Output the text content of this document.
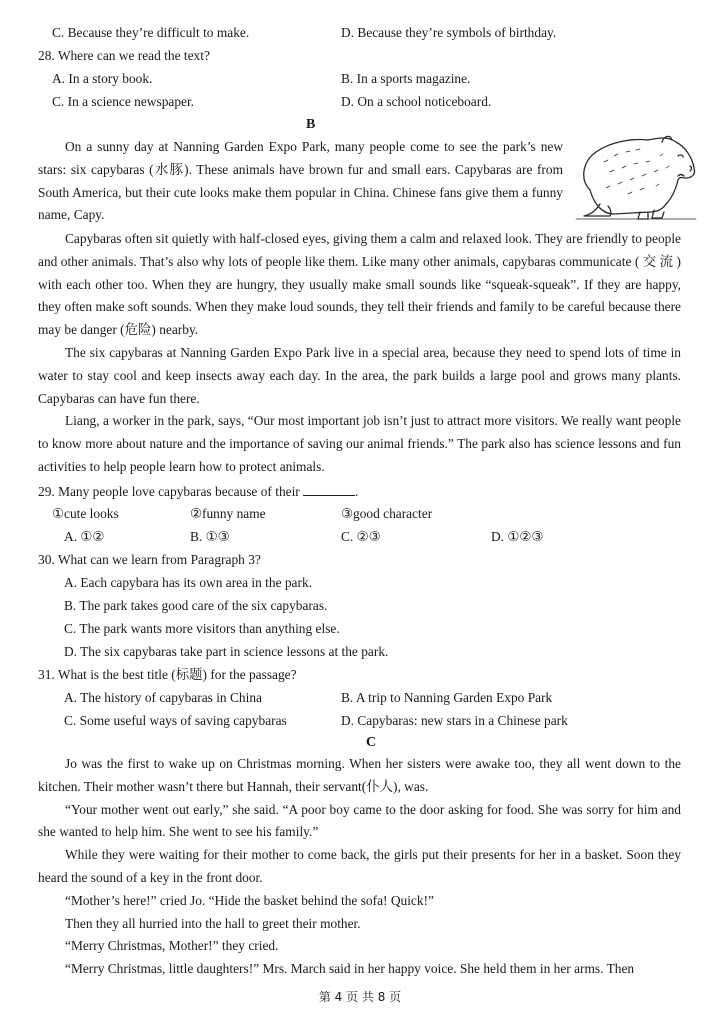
C. Because they’re difficult to make.	D. Because they’re symbols of birthday.
28. Where can we read the text?
A. In a story book.	B. In a sports magazine.
C. In a science newspaper.	D. On a school noticeboard.
B

On a sunny day at Nanning Garden Expo Park, many people come to see the park’s new stars: six capybaras (水豚). These animals have brown fur and small ears. Capybaras are from South America, but their cute looks make them popular in China. Chinese fans give them a funny name, Capy.

Capybaras often sit quietly with half-closed eyes, giving them a calm and relaxed look. They are friendly to people and other animals. That’s also why lots of people like them. Like many other animals, capybaras communicate ( 交 流 ) with each other too. When they are hungry, they usually make small sounds like “squeak-squeak”. If they are happy, they often make soft sounds. When they make loud sounds, they tell their friends and family to be careful because there may be danger (危险) nearby.

The six capybaras at Nanning Garden Expo Park live in a special area, because they need to spend lots of time in water to stay cool and keep insects away each day. In the area, the park builds a large pool and grows many plants. Capybaras can have fun there.

Liang, a worker in the park, says, “Our most important job isn’t just to attract more visitors. We really want people to know more about nature and the importance of saving our animal friends.” The park also has science lessons and fun activities to help people learn how to protect animals.

29. Many people love capybaras because of their	.
①cute looks	②funny name	③good character
A. ①②	B. ①③	C. ②③	D. ①②③
30. What can we learn from Paragraph 3?
A. Each capybara has its own area in the park.
B. The park takes good care of the six capybaras.
C. The park wants more visitors than anything else.
D. The six capybaras take part in science lessons at the park.
31. What is the best title (标题) for the passage?
A. The history of capybaras in China	B. A trip to Nanning Garden Expo Park
C. Some useful ways of saving capybaras	D. Capybaras: new stars in a Chinese park
C

Jo was the first to wake up on Christmas morning. When her sisters were awake too, they all went down to the kitchen. Their mother wasn’t there but Hannah, their servant(仆人), was.

“Your mother went out early,” she said. “A poor boy came to the door asking for food. She was sorry for him and she wanted to help him. She went to see his family.”

While they were waiting for their mother to come back, the girls put their presents for her in a basket. Soon they heard the sound of a key in the front door.

“Mother’s here!” cried Jo. “Hide the basket behind the sofa! Quick!”

Then they all hurried into the hall to greet their mother.

“Merry Christmas, Mother!” they cried.

“Merry Christmas, little daughters!” Mrs. March said in her happy voice. She held them in her arms. Then

第 4 页 共 8 页
